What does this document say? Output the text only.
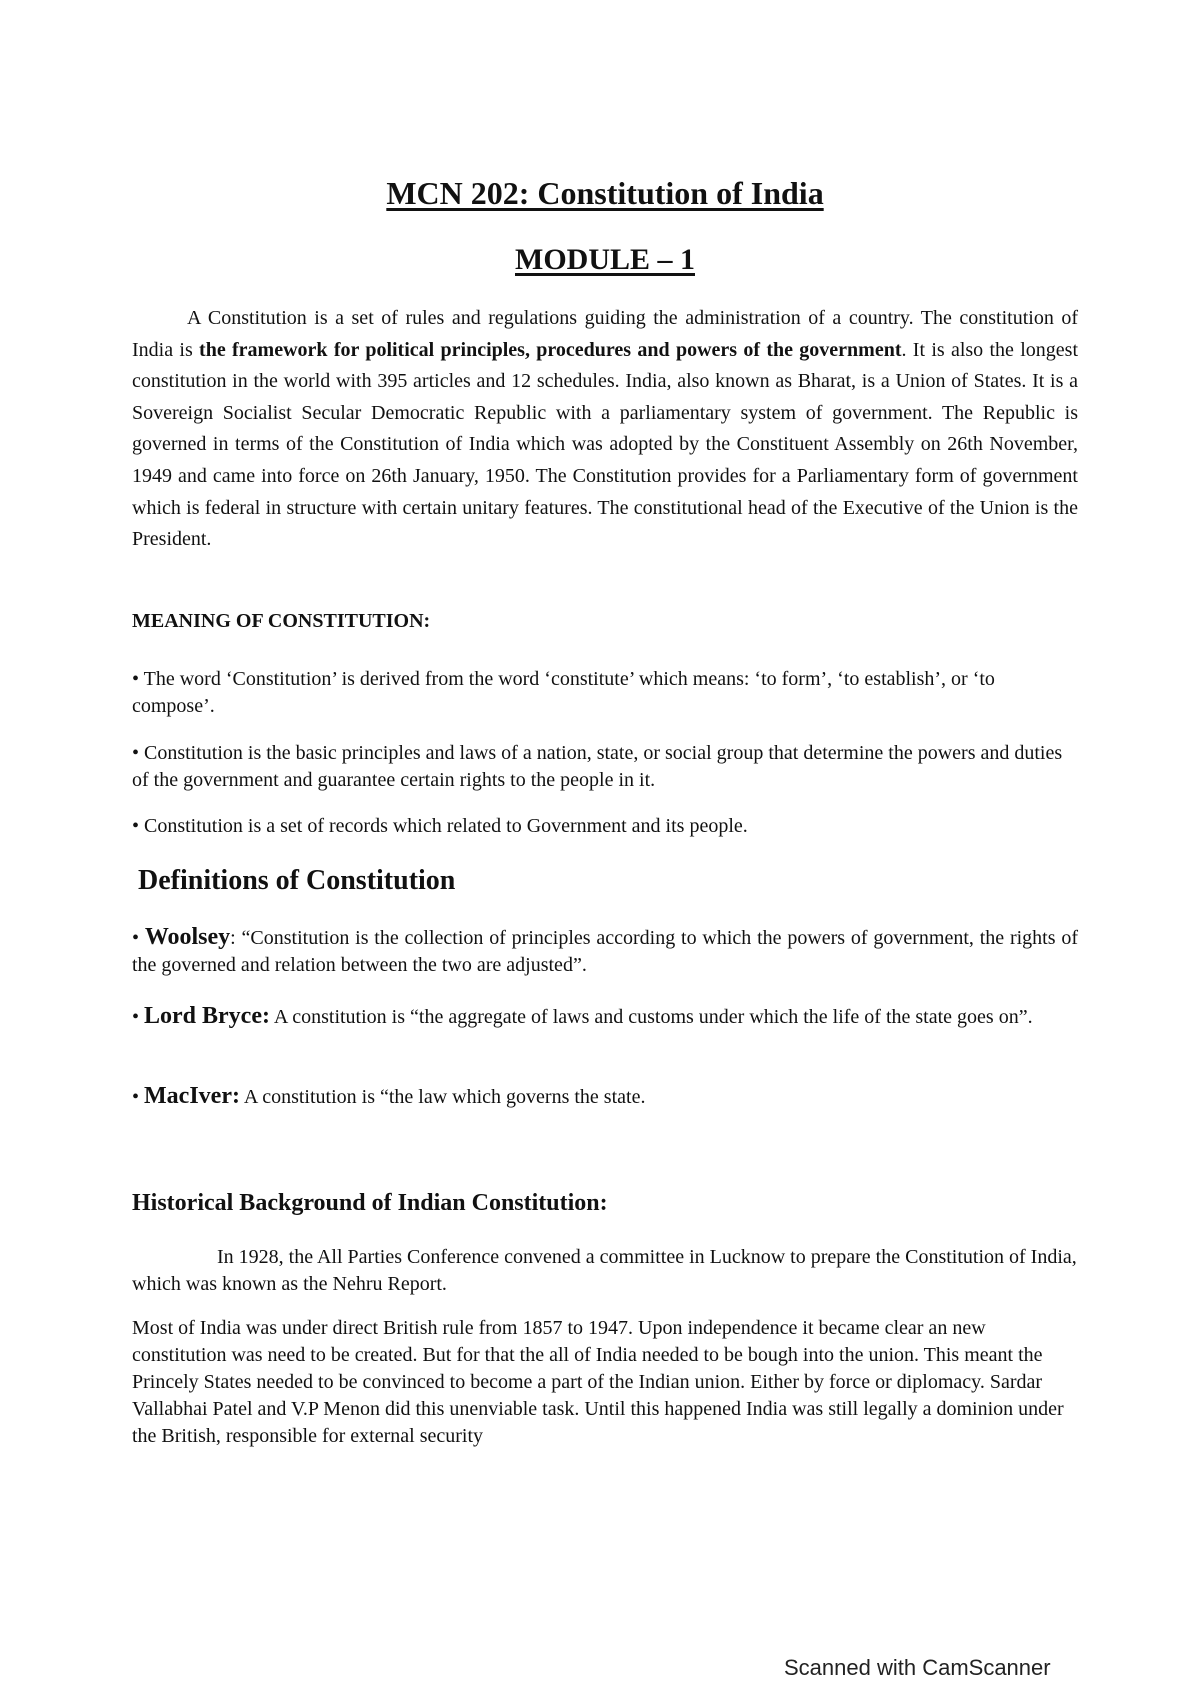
MCN 202: Constitution of India
MODULE – 1

A Constitution is a set of rules and regulations guiding the administration of a country. The constitution of India is the framework for political principles, procedures and powers of the government. It is also the longest constitution in the world with 395 articles and 12 schedules. India, also known as Bharat, is a Union of States. It is a Sovereign Socialist Secular Democratic Republic with a parliamentary system of government. The Republic is governed in terms of the Constitution of India which was adopted by the Constituent Assembly on 26th November, 1949 and came into force on 26th January, 1950. The Constitution provides for a Parliamentary form of government which is federal in structure with certain unitary features. The constitutional head of the Executive of the Union is the President.

MEANING OF CONSTITUTION:

• The word ‘Constitution’ is derived from the word ‘constitute’ which means: ‘to form’, ‘to establish’, or ‘to compose’.

• Constitution is the basic principles and laws of a nation, state, or social group that determine the powers and duties of the government and guarantee certain rights to the people in it.

• Constitution is a set of records which related to Government and its people.

Definitions of Constitution

• Woolsey: “Constitution is the collection of principles according to which the powers of government, the rights of the governed and relation between the two are adjusted”.

• Lord Bryce: A constitution is “the aggregate of laws and customs under which the life of the state goes on”.

• MacIver: A constitution is “the law which governs the state.

Historical Background of Indian Constitution:

In 1928, the All Parties Conference convened a committee in Lucknow to prepare the Constitution of India, which was known as the Nehru Report.

Most of India was under direct British rule from 1857 to 1947. Upon independence it became clear an new constitution was need to be created. But for that the all of India needed to be bough into the union. This meant the Princely States needed to be convinced to become a part of the Indian union. Either by force or diplomacy. Sardar Vallabhai Patel and V.P Menon did this unenviable task. Until this happened India was still legally a dominion under the British, responsible for external security

Scanned with CamScanner
